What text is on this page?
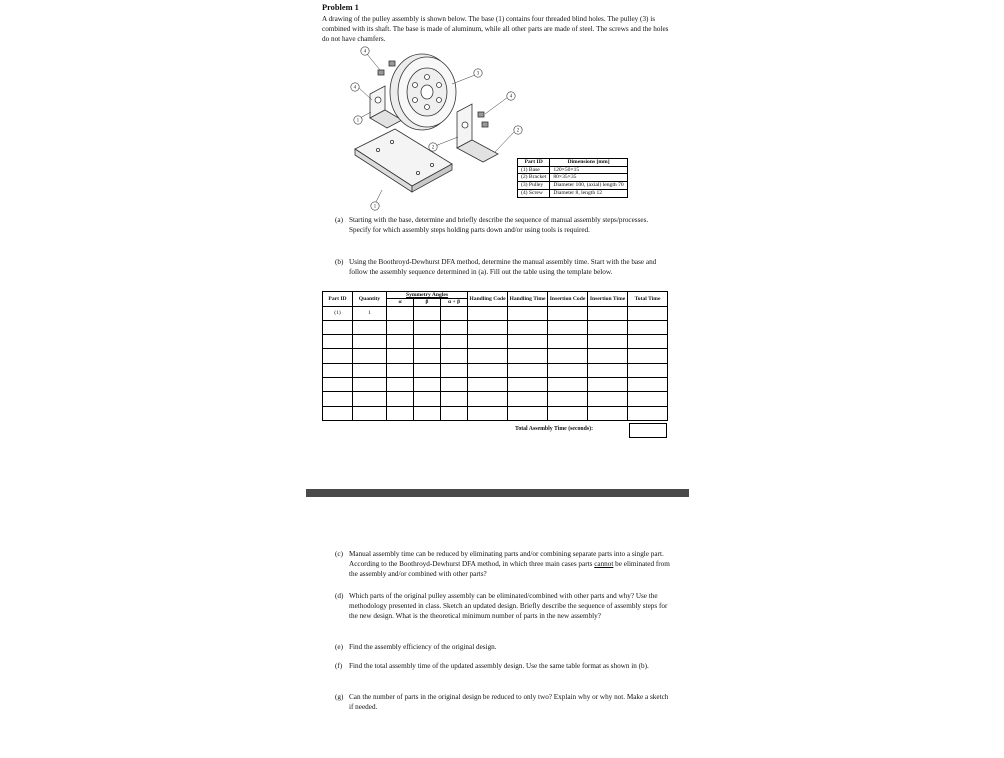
Problem 1
A drawing of the pulley assembly is shown below. The base (1) contains four threaded blind holes. The pulley (3) is combined with its shaft. The base is made of aluminum, while all other parts are made of steel. The screws and the holes do not have chamfers.
4
4
3
4
2
1
2
1
Part ID	Dimensions [mm]
(1) Base	120×50×15
(2) Bracket	80×35×35
(3) Pulley	Diameter 100, (axial) length 70
(4) Screw	Diameter 8, length 12
(a) Starting with the base, determine and briefly describe the sequence of manual assembly steps/processes. Specify for which assembly steps holding parts down and/or using tools is required.
(b) Using the Boothroyd-Dewhurst DFA method, determine the manual assembly time. Start with the base and follow the assembly sequence determined in (a). Fill out the table using the template below.
Part ID	Quantity	Symmetry Angles			Handling Code	Handling Time	Insertion Code	Insertion Time	Total Time
		α	β	α + β					
(1)	1								

Total Assembly Time (seconds):
(c) Manual assembly time can be reduced by eliminating parts and/or combining separate parts into a single part. According to the Boothroyd-Dewhurst DFA method, in which three main cases parts cannot be eliminated from the assembly and/or combined with other parts?
(d) Which parts of the original pulley assembly can be eliminated/combined with other parts and why? Use the methodology presented in class. Sketch an updated design. Briefly describe the sequence of assembly steps for the new design. What is the theoretical minimum number of parts in the new assembly?
(e) Find the assembly efficiency of the original design.
(f) Find the total assembly time of the updated assembly design. Use the same table format as shown in (b).
(g) Can the number of parts in the original design be reduced to only two? Explain why or why not. Make a sketch if needed.
